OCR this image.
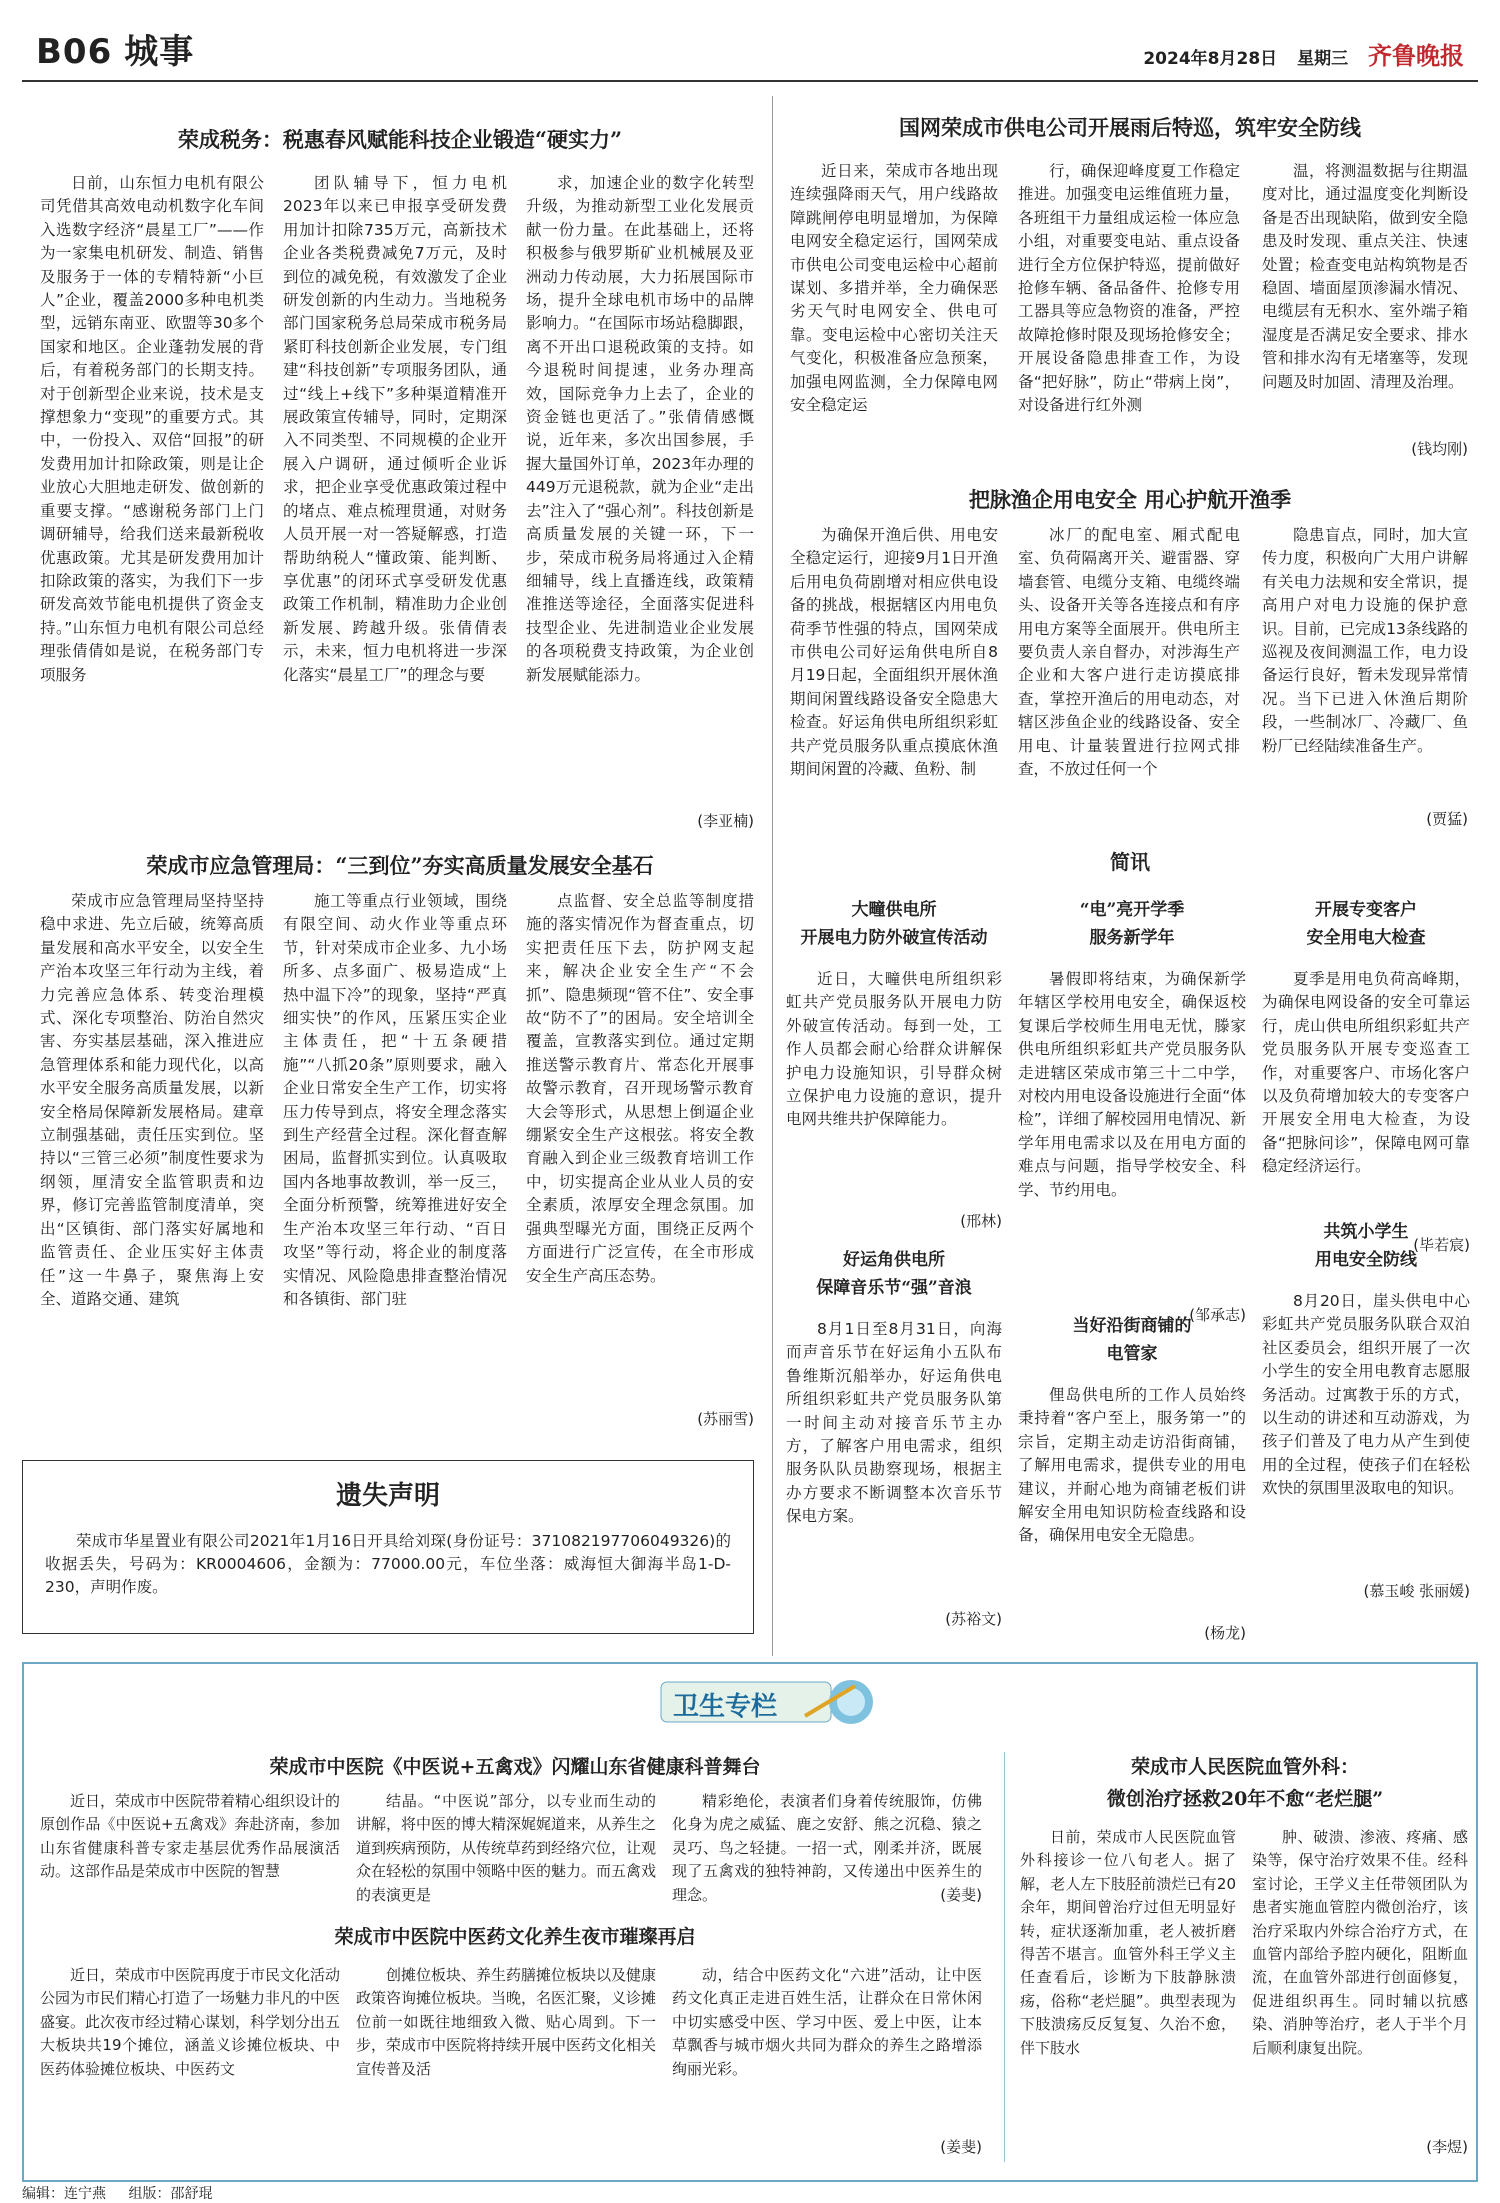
B06 城事	2024年8月28日 星期三 齐鲁晚报
荣成税务：税惠春风赋能科技企业锻造“硬实力”

日前，山东恒力电机有限公司凭借其高效电动机数字化车间入选数字经济“晨星工厂”——作为一家集电机研发、制造、销售及服务于一体的专精特新“小巨人”企业，覆盖2000多种电机类型，远销东南亚、欧盟等30多个国家和地区。企业蓬勃发展的背后，有着税务部门的长期支持。对于创新型企业来说，技术是支撑想象力“变现”的重要方式。其中，一份投入、双倍“回报”的研发费用加计扣除政策，则是让企业放心大胆地走研发、做创新的重要支撑。“感谢税务部门上门调研辅导，给我们送来最新税收优惠政策。尤其是研发费用加计扣除政策的落实，为我们下一步研发高效节能电机提供了资金支持。”山东恒力电机有限公司总经理张倩倩如是说，在税务部门专项服务

团队辅导下，恒力电机2023年以来已申报享受研发费用加计扣除735万元，高新技术企业各类税费减免7万元，及时到位的减免税，有效激发了企业研发创新的内生动力。当地税务部门国家税务总局荣成市税务局紧盯科技创新企业发展，专门组建“科技创新”专项服务团队，通过“线上+线下”多种渠道精准开展政策宣传辅导，同时，定期深入不同类型、不同规模的企业开展入户调研，通过倾听企业诉求，把企业享受优惠政策过程中的堵点、难点梳理贯通，对财务人员开展一对一答疑解惑，打造帮助纳税人“懂政策、能判断、享优惠”的闭环式享受研发优惠政策工作机制，精准助力企业创新发展、跨越升级。张倩倩表示，未来，恒力电机将进一步深化落实“晨星工厂”的理念与要

求，加速企业的数字化转型升级，为推动新型工业化发展贡献一份力量。在此基础上，还将积极参与俄罗斯矿业机械展及亚洲动力传动展，大力拓展国际市场，提升全球电机市场中的品牌影响力。“在国际市场站稳脚跟，离不开出口退税政策的支持。如今退税时间提速，业务办理高效，国际竞争力上去了，企业的资金链也更活了。”张倩倩感慨说，近年来，多次出国参展，手握大量国外订单，2023年办理的449万元退税款，就为企业“走出去”注入了“强心剂”。科技创新是高质量发展的关键一环，下一步，荣成市税务局将通过入企精细辅导，线上直播连线，政策精准推送等途径，全面落实促进科技型企业、先进制造业企业发展的各项税费支持政策，为企业创新发展赋能添力。

(李亚楠)
国网荣成市供电公司开展雨后特巡，筑牢安全防线

近日来，荣成市各地出现连续强降雨天气，用户线路故障跳闸停电明显增加，为保障电网安全稳定运行，国网荣成市供电公司变电运检中心超前谋划、多措并举，全力确保恶劣天气时电网安全、供电可靠。变电运检中心密切关注天气变化，积极准备应急预案，加强电网监测，全力保障电网安全稳定运

行，确保迎峰度夏工作稳定推进。加强变电运维值班力量，各班组干力量组成运检一体应急小组，对重要变电站、重点设备进行全方位保护特巡，提前做好抢修车辆、备品备件、抢修专用工器具等应急物资的准备，严控故障抢修时限及现场抢修安全；开展设备隐患排查工作，为设备“把好脉”，防止“带病上岗”，对设备进行红外测

温，将测温数据与往期温度对比，通过温度变化判断设备是否出现缺陷，做到安全隐患及时发现、重点关注、快速处置；检查变电站构筑物是否稳固、墙面屋顶渗漏水情况、电缆层有无积水、室外端子箱湿度是否满足安全要求、排水管和排水沟有无堵塞等，发现问题及时加固、清理及治理。

(钱均刚)
把脉渔企用电安全 用心护航开渔季

为确保开渔后供、用电安全稳定运行，迎接9月1日开渔后用电负荷剧增对相应供电设备的挑战，根据辖区内用电负荷季节性强的特点，国网荣成市供电公司好运角供电所自8月19日起，全面组织开展休渔期间闲置线路设备安全隐患大检查。好运角供电所组织彩虹共产党员服务队重点摸底休渔期间闲置的冷藏、鱼粉、制

冰厂的配电室、厢式配电室、负荷隔离开关、避雷器、穿墙套管、电缆分支箱、电缆终端头、设备开关等各连接点和有序用电方案等全面展开。供电所主要负责人亲自督办，对涉海生产企业和大客户进行走访摸底排查，掌控开渔后的用电动态，对辖区涉鱼企业的线路设备、安全用电、计量装置进行拉网式排查，不放过任何一个

隐患盲点，同时，加大宣传力度，积极向广大用户讲解有关电力法规和安全常识，提高用户对电力设施的保护意识。目前，已完成13条线路的巡视及夜间测温工作，电力设备运行良好，暂未发现异常情况。当下已进入休渔后期阶段，一些制冰厂、冷藏厂、鱼粉厂已经陆续准备生产。

(贾猛)
荣成市应急管理局：“三到位”夯实高质量发展安全基石

荣成市应急管理局坚持坚持稳中求进、先立后破，统筹高质量发展和高水平安全，以安全生产治本攻坚三年行动为主线，着力完善应急体系、转变治理模式、深化专项整治、防治自然灾害、夯实基层基础，深入推进应急管理体系和能力现代化，以高水平安全服务高质量发展，以新安全格局保障新发展格局。建章立制强基础，责任压实到位。坚持以“三管三必须”制度性要求为纲领，厘清安全监管职责和边界，修订完善监管制度清单，突出“区镇街、部门落实好属地和监管责任、企业压实好主体责任”这一牛鼻子，聚焦海上安全、道路交通、建筑

施工等重点行业领域，围绕有限空间、动火作业等重点环节，针对荣成市企业多、九小场所多、点多面广、极易造成“上热中温下冷”的现象，坚持“严真细实快”的作风，压紧压实企业主体责任，把“十五条硬措施”“八抓20条”原则要求，融入企业日常安全生产工作，切实将压力传导到点，将安全理念落实到生产经营全过程。深化督查解困局，监督抓实到位。认真吸取国内各地事故教训，举一反三，全面分析预警，统筹推进好安全生产治本攻坚三年行动、“百日攻坚”等行动，将企业的制度落实情况、风险隐患排查整治情况和各镇街、部门驻

点监督、安全总监等制度措施的落实情况作为督查重点，切实把责任压下去，防护网支起来，解决企业安全生产“不会抓”、隐患频现“管不住”、安全事故“防不了”的困局。安全培训全覆盖，宣教落实到位。通过定期推送警示教育片、常态化开展事故警示教育，召开现场警示教育大会等形式，从思想上倒逼企业绷紧安全生产这根弦。将安全教育融入到企业三级教育培训工作中，切实提高企业从业人员的安全素质，浓厚安全理念氛围。加强典型曝光方面，围绕正反两个方面进行广泛宣传，在全市形成安全生产高压态势。

(苏丽雪)
遗失声明
荣成市华星置业有限公司2021年1月16日开具给刘琛(身份证号：371082197706049326)的收据丢失，号码为：KR0004606，金额为：77000.00元，车位坐落：威海恒大御海半岛1-D-230，声明作废。
简讯
大疃供电所
开展电力防外破宣传活动

近日，大疃供电所组织彩虹共产党员服务队开展电力防外破宣传活动。每到一处，工作人员都会耐心给群众讲解保护电力设施知识，引导群众树立保护电力设施的意识，提升电网共维共护保障能力。

(邢林)
“电”亮开学季
服务新学年

暑假即将结束，为确保新学年辖区学校用电安全，确保返校复课后学校师生用电无忧，滕家供电所组织彩虹共产党员服务队走进辖区荣成市第三十二中学，对校内用电设备设施进行全面“体检”，详细了解校园用电情况、新学年用电需求以及在用电方面的难点与问题，指导学校安全、科学、节约用电。

(邹承志)
开展专变客户
安全用电大检查

夏季是用电负荷高峰期，为确保电网设备的安全可靠运行，虎山供电所组织彩虹共产党员服务队开展专变巡查工作，对重要客户、市场化客户以及负荷增加较大的专变客户开展安全用电大检查，为设备“把脉问诊”，保障电网可靠稳定经济运行。

(毕若宸)
好运角供电所
保障音乐节“强”音浪

8月1日至8月31日，向海而声音乐节在好运角小五队布鲁维斯沉船举办，好运角供电所组织彩虹共产党员服务队第一时间主动对接音乐节主办方，了解客户用电需求，组织服务队队员勘察现场，根据主办方要求不断调整本次音乐节保电方案。

(苏裕文)
当好沿街商铺的
电管家

俚岛供电所的工作人员始终秉持着“客户至上，服务第一”的宗旨，定期主动走访沿街商铺，了解用电需求，提供专业的用电建议，并耐心地为商铺老板们讲解安全用电知识防检查线路和设备，确保用电安全无隐患。

(杨龙)
共筑小学生
用电安全防线

8月20日，崖头供电中心彩虹共产党员服务队联合双泊社区委员会，组织开展了一次小学生的安全用电教育志愿服务活动。过寓教于乐的方式，以生动的讲述和互动游戏，为孩子们普及了电力从产生到使用的全过程，使孩子们在轻松欢快的氛围里汲取电的知识。

(慕玉峻 张丽媛)
卫生专栏
荣成市中医院《中医说+五禽戏》闪耀山东省健康科普舞台

近日，荣成市中医院带着精心组织设计的原创作品《中医说+五禽戏》奔赴济南，参加山东省健康科普专家走基层优秀作品展演活动。这部作品是荣成市中医院的智慧

结晶。“中医说”部分，以专业而生动的讲解，将中医的博大精深娓娓道来，从养生之道到疾病预防，从传统草药到经络穴位，让观众在轻松的氛围中领略中医的魅力。而五禽戏的表演更是

精彩绝伦，表演者们身着传统服饰，仿佛化身为虎之威猛、鹿之安舒、熊之沉稳、猿之灵巧、鸟之轻捷。一招一式，刚柔并济，既展现了五禽戏的独特神韵，又传递出中医养生的理念。	(姜斐)
荣成市中医院中医药文化养生夜市璀璨再启

近日，荣成市中医院再度于市民文化活动公园为市民们精心打造了一场魅力非凡的中医盛宴。此次夜市经过精心谋划，科学划分出五大板块共19个摊位，涵盖义诊摊位板块、中医药体验摊位板块、中医药文

创摊位板块、养生药膳摊位板块以及健康政策咨询摊位板块。当晚，名医汇聚，义诊摊位前一如既往地细致入微、贴心周到。下一步，荣成市中医院将持续开展中医药文化相关宣传普及活

动，结合中医药文化“六进”活动，让中医药文化真正走进百姓生活，让群众在日常休闲中切实感受中医、学习中医、爱上中医，让本草飘香与城市烟火共同为群众的养生之路增添绚丽光彩。

(姜斐)
荣成市人民医院血管外科：
微创治疗拯救20年不愈“老烂腿”

日前，荣成市人民医院血管外科接诊一位八旬老人。据了解，老人左下肢胫前溃烂已有20余年，期间曾治疗过但无明显好转，症状逐渐加重，老人被折磨得苦不堪言。血管外科王学义主任查看后，诊断为下肢静脉溃疡，俗称“老烂腿”。典型表现为下肢溃疡反反复复、久治不愈，伴下肢水

肿、破溃、渗液、疼痛、感染等，保守治疗效果不佳。经科室讨论，王学义主任带领团队为患者实施血管腔内微创治疗，该治疗采取内外综合治疗方式，在血管内部给予腔内硬化，阻断血流，在血管外部进行创面修复，促进组织再生。同时辅以抗感染、消肿等治疗，老人于半个月后顺利康复出院。

(李煜)
编辑：连宁燕 组版：邵舒琨
